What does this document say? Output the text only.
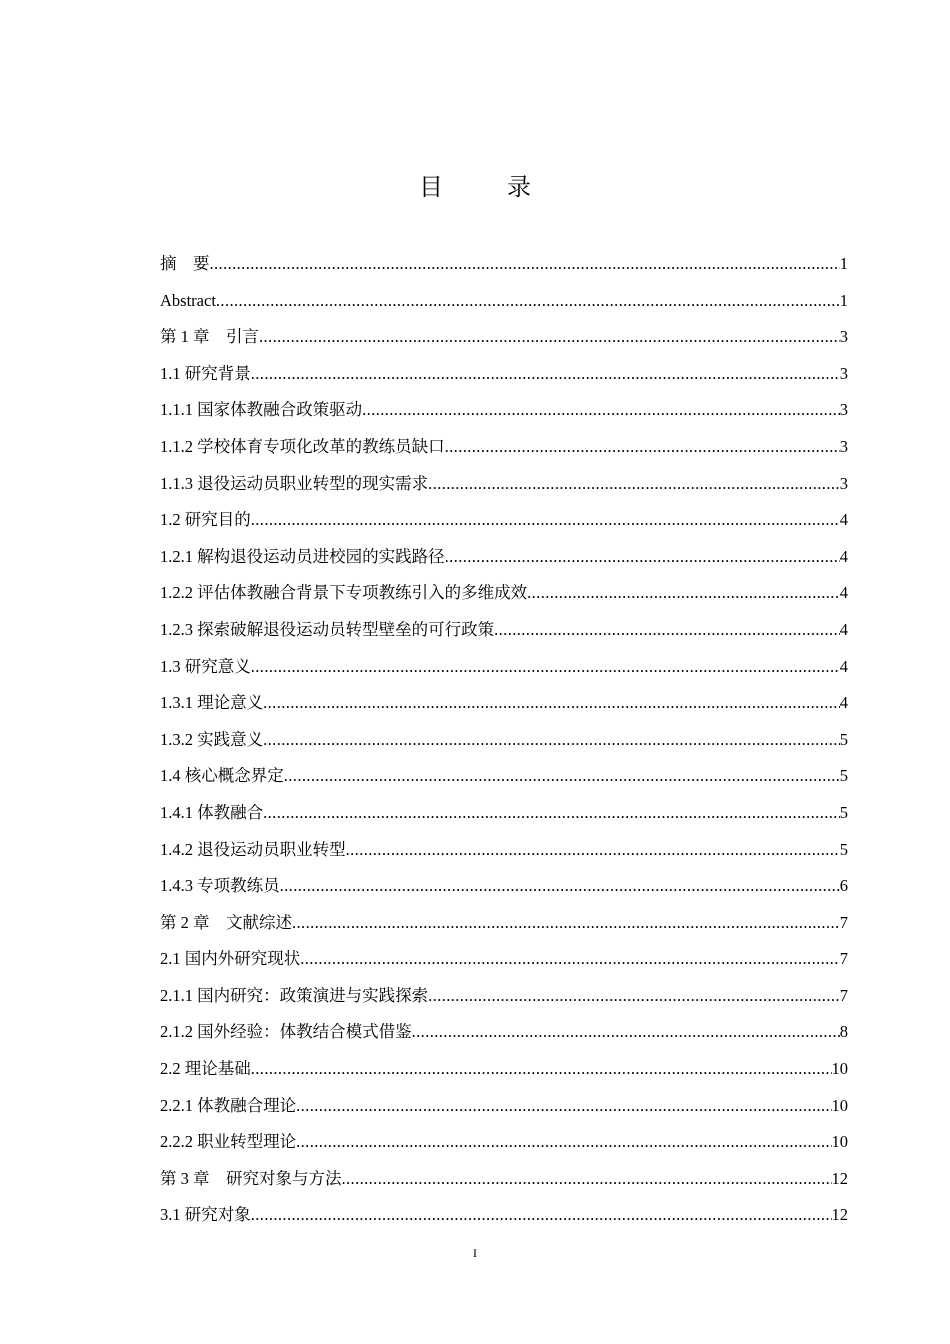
目　录
摘　要 .....	1
Abstract .....	1
第 1 章　引言 .....	3
1.1 研究背景 .....	3
1.1.1 国家体教融合政策驱动 .....	3
1.1.2 学校体育专项化改革的教练员缺口 .....	3
1.1.3 退役运动员职业转型的现实需求 .....	3
1.2 研究目的 .....	4
1.2.1 解构退役运动员进校园的实践路径 .....	4
1.2.2 评估体教融合背景下专项教练引入的多维成效 .....	4
1.2.3 探索破解退役运动员转型壁垒的可行政策 .....	4
1.3 研究意义 .....	4
1.3.1 理论意义 .....	4
1.3.2 实践意义 .....	5
1.4 核心概念界定 .....	5
1.4.1 体教融合 .....	5
1.4.2 退役运动员职业转型 .....	5
1.4.3 专项教练员 .....	6
第 2 章　文献综述 .....	7
2.1 国内外研究现状 .....	7
2.1.1 国内研究：政策演进与实践探索 .....	7
2.1.2 国外经验：体教结合模式借鉴 .....	8
2.2 理论基础 .....	10
2.2.1 体教融合理论 .....	10
2.2.2 职业转型理论 .....	10
第 3 章　研究对象与方法 .....	12
3.1 研究对象 .....	12
I
